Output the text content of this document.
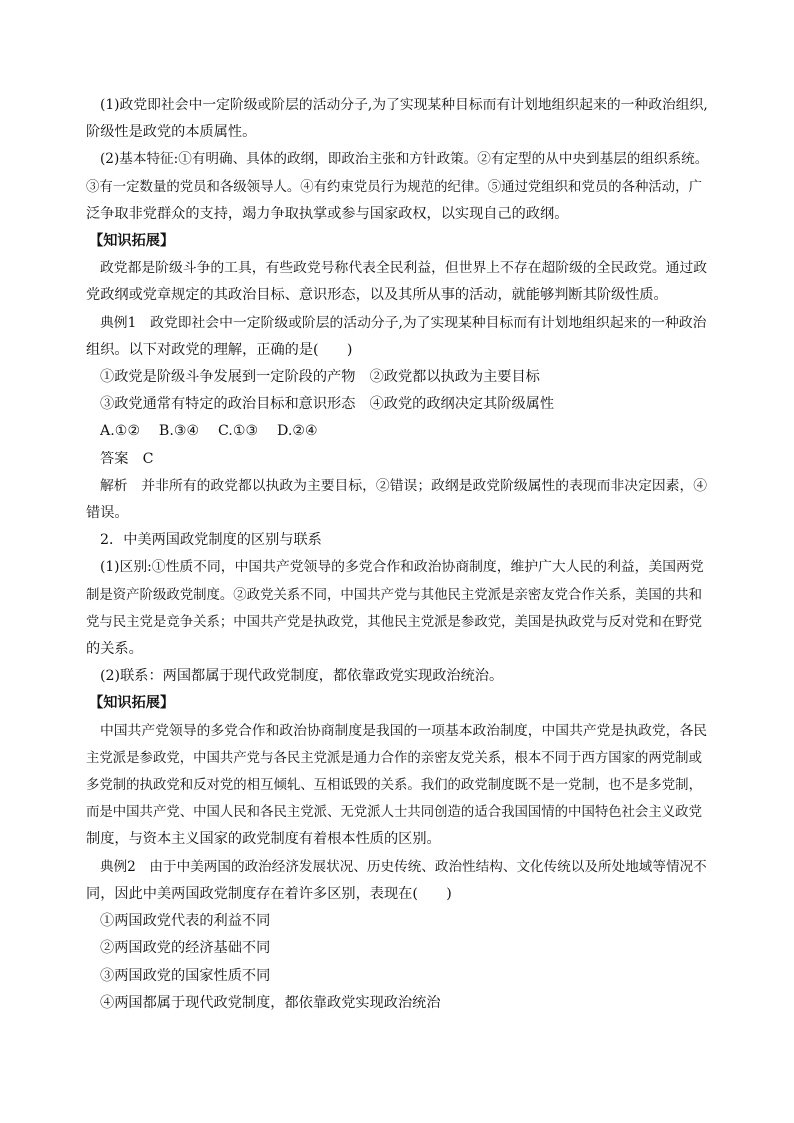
(1)政党即社会中一定阶级或阶层的活动分子,为了实现某种目标而有计划地组织起来的一种政治组织,
阶级性是政党的本质属性。
(2)基本特征:①有明确、具体的政纲，即政治主张和方针政策。②有定型的从中央到基层的组织系统。
③有一定数量的党员和各级领导人。④有约束党员行为规范的纪律。⑤通过党组织和党员的各种活动，广
泛争取非党群众的支持，竭力争取执掌或参与国家政权，以实现自己的政纲。
【知识拓展】
政党都是阶级斗争的工具，有些政党号称代表全民利益，但世界上不存在超阶级的全民政党。通过政
党政纲或党章规定的其政治目标、意识形态，以及其所从事的活动，就能够判断其阶级性质。
典例1　政党即社会中一定阶级或阶层的活动分子,为了实现某种目标而有计划地组织起来的一种政治
组织。以下对政党的理解，正确的是(　　)
①政党是阶级斗争发展到一定阶段的产物　②政党都以执政为主要目标
③政党通常有特定的政治目标和意识形态　④政党的政纲决定其阶级属性
A.①②　 B.③④　 C.①③　 D.②④
答案　C
解析　并非所有的政党都以执政为主要目标，②错误；政纲是政党阶级属性的表现而非决定因素，④
错误。
2．中美两国政党制度的区别与联系
(1)区别:①性质不同，中国共产党领导的多党合作和政治协商制度，维护广大人民的利益，美国两党
制是资产阶级政党制度。②政党关系不同，中国共产党与其他民主党派是亲密友党合作关系，美国的共和
党与民主党是竞争关系；中国共产党是执政党，其他民主党派是参政党，美国是执政党与反对党和在野党
的关系。
(2)联系：两国都属于现代政党制度，都依靠政党实现政治统治。
【知识拓展】
中国共产党领导的多党合作和政治协商制度是我国的一项基本政治制度，中国共产党是执政党，各民
主党派是参政党，中国共产党与各民主党派是通力合作的亲密友党关系，根本不同于西方国家的两党制或
多党制的执政党和反对党的相互倾轧、互相诋毁的关系。我们的政党制度既不是一党制，也不是多党制，
而是中国共产党、中国人民和各民主党派、无党派人士共同创造的适合我国国情的中国特色社会主义政党
制度，与资本主义国家的政党制度有着根本性质的区别。
典例2　由于中美两国的政治经济发展状况、历史传统、政治性结构、文化传统以及所处地域等情况不
同，因此中美两国政党制度存在着许多区别，表现在(　　)
①两国政党代表的利益不同
②两国政党的经济基础不同
③两国政党的国家性质不同
④两国都属于现代政党制度，都依靠政党实现政治统治
